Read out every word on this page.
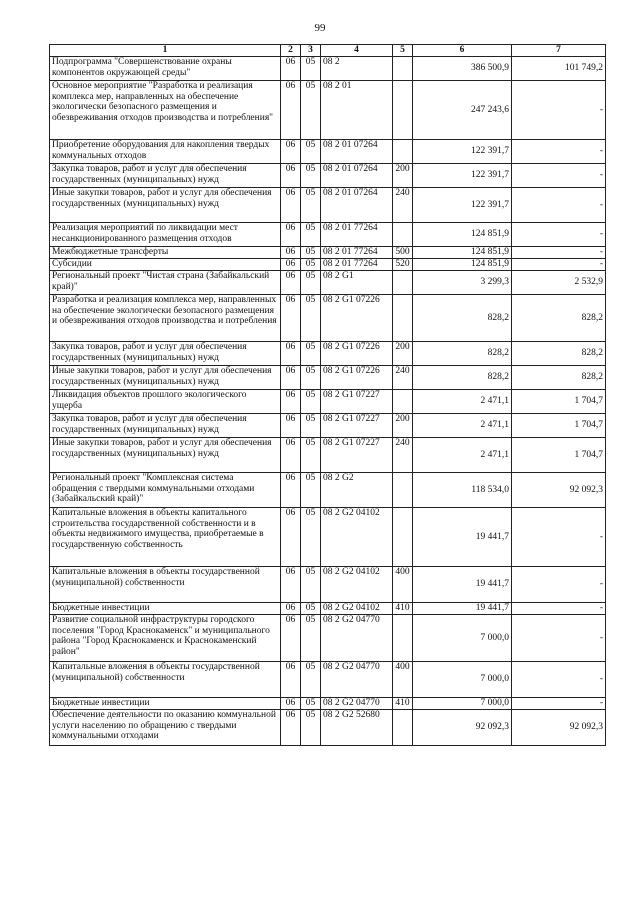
99
1	2	3	4	5	6	7
Подпрограмма "Совершенствование охраны компонентов окружающей среды"	06	05	08 2		386 500,9	101 749,2
Основное мероприятие "Разработка и реализация комплекса мер, направленных на обеспечение экологически безопасного размещения и обезвреживания отходов производства и потребления"	06	05	08 2 01		247 243,6	-
Приобретение оборудования для накопления твердых коммунальных отходов	06	05	08 2 01 07264		122 391,7	-
Закупка товаров, работ и услуг для обеспечения государственных (муниципальных) нужд	06	05	08 2 01 07264	200	122 391,7	-
Иные закупки товаров, работ и услуг для обеспечения государственных (муниципальных) нужд	06	05	08 2 01 07264	240	122 391,7	-
Реализация мероприятий по ликвидации мест несанкционированного размещения отходов	06	05	08 2 01 77264		124 851,9	-
Межбюджетные трансферты	06	05	08 2 01 77264	500	124 851,9	-
Субсидии	06	05	08 2 01 77264	520	124 851,9	-
Региональный проект "Чистая страна (Забайкальский край)"	06	05	08 2 G1		3 299,3	2 532,9
Разработка и реализация комплекса мер, направленных на обеспечение экологически безопасного размещения и обезвреживания отходов производства и потребления	06	05	08 2 G1 07226		828,2	828,2
Закупка товаров, работ и услуг для обеспечения государственных (муниципальных) нужд	06	05	08 2 G1 07226	200	828,2	828,2
Иные закупки товаров, работ и услуг для обеспечения государственных (муниципальных) нужд	06	05	08 2 G1 07226	240	828,2	828,2
Ликвидация объектов прошлого экологического ущерба	06	05	08 2 G1 07227		2 471,1	1 704,7
Закупка товаров, работ и услуг для обеспечения государственных (муниципальных) нужд	06	05	08 2 G1 07227	200	2 471,1	1 704,7
Иные закупки товаров, работ и услуг для обеспечения государственных (муниципальных) нужд	06	05	08 2 G1 07227	240	2 471,1	1 704,7
Региональный проект "Комплексная система обращения с твердыми коммунальными отходами (Забайкальский край)"	06	05	08 2 G2		118 534,0	92 092,3
Капитальные вложения в объекты капитального строительства государственной собственности и в объекты недвижимого имущества, приобретаемые в государственную собственность	06	05	08 2 G2 04102		19 441,7	-
Капитальные вложения в объекты государственной (муниципальной) собственности	06	05	08 2 G2 04102	400	19 441,7	-
Бюджетные инвестиции	06	05	08 2 G2 04102	410	19 441,7	-
Развитие социальной инфраструктуры городского поселения "Город Краснокаменск" и муниципального района "Город Краснокаменск и Краснокаменский район"	06	05	08 2 G2 04770		7 000,0	-
Капитальные вложения в объекты государственной (муниципальной) собственности	06	05	08 2 G2 04770	400	7 000,0	-
Бюджетные инвестиции	06	05	08 2 G2 04770	410	7 000,0	-
Обеспечение деятельности по оказанию коммунальной услуги населению по обращению с твердыми коммунальными отходами	06	05	08 2 G2 52680		92 092,3	92 092,3
